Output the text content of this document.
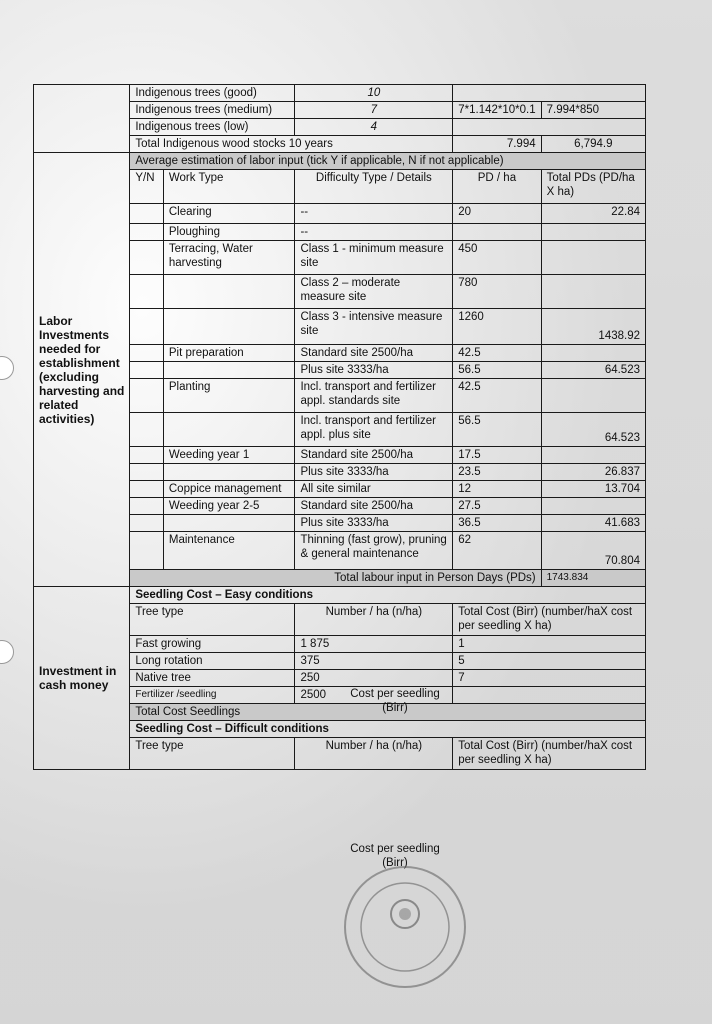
	Indigenous trees (good)		10		
	Indigenous trees (medium)		7	7*1.142*10*0.1	7.994*850
	Indigenous trees (low)		4		
	Total Indigenous wood stocks 10 years			7.994	6,794.9
Labor Investments needed for establishment (excluding harvesting and related activities)	Average estimation of labor input (tick Y if applicable, N if not applicable)				
	Y/N	Work Type	Difficulty Type / Details	PD / ha	Total PDs (PD/ha X ha)
		Clearing	--	20	22.84
		Ploughing	--		
		Terracing, Water harvesting	Class 1 - minimum measure site	450	
			Class 2 – moderate measure site	780	
			Class 3 - intensive measure site	1260	1438.92
		Pit preparation	Standard site 2500/ha	42.5	
			Plus site 3333/ha	56.5	64.523
		Planting	Incl. transport and fertilizer appl. standards site	42.5	
			Incl. transport and fertilizer appl. plus site	56.5	64.523
		Weeding year 1	Standard site 2500/ha	17.5	
			Plus site 3333/ha	23.5	26.837
		Coppice management	All site similar	12	13.704
		Weeding year 2-5	Standard site 2500/ha	27.5	
			Plus site 3333/ha	36.5	41.683
		Maintenance	Thinning (fast grow), pruning & general maintenance	62	70.804
	Total labour input in Person Days (PDs)				1743.834
Investment in cash money	Seedling Cost – Easy conditions				
	Tree type		Number / ha (n/ha)	Total Cost (Birr) (number/haX cost per seedling X ha)	
	Fast growing		1 875	1	
	Long rotation		375	5	
	Native tree		250	7	
	Fertilizer /seedling		2500		
	Total Cost Seedlings				
	Seedling Cost – Difficult conditions				
	Tree type		Number / ha (n/ha)	Total Cost (Birr) (number/haX cost per seedling X ha)	
Cost per seedling (Birr)
Cost per seedling (Birr)
